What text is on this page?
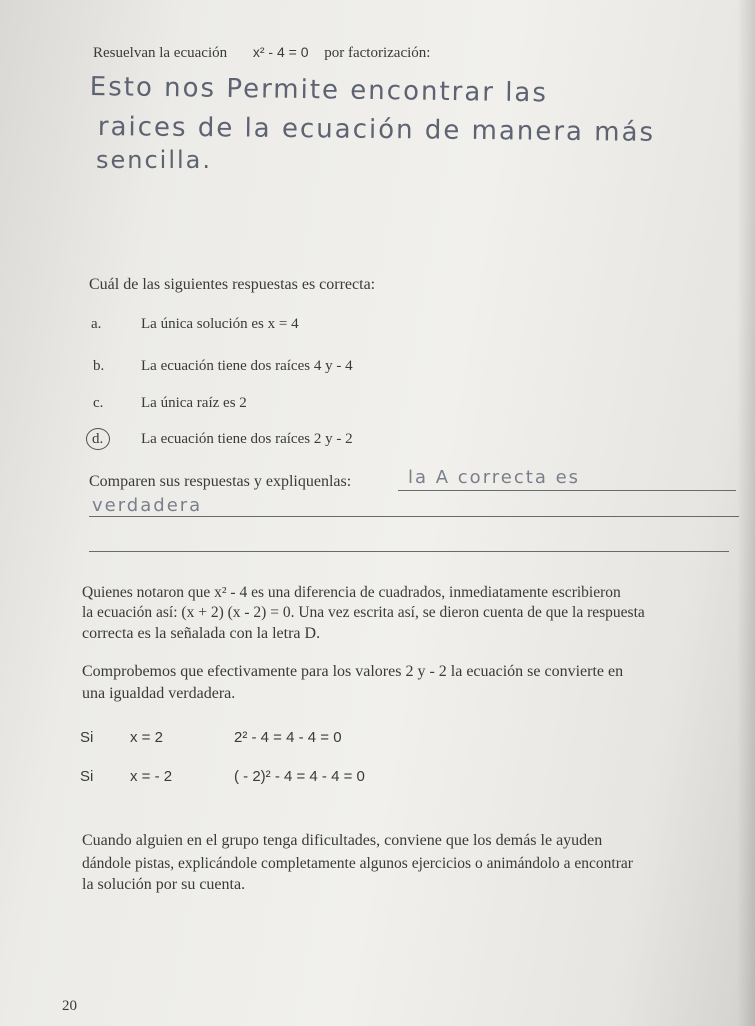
Resuelvan la ecuación x² - 4 = 0 por factorización:
Esto nos Permite encontrar las
raices de la ecuación de manera más
sencilla.
Cuál de las siguientes respuestas es correcta:
a.	La única solución es x = 4
b. La ecuación tiene dos raíces 4 y - 4
c.	La única raíz es 2
d.	La ecuación tiene dos raíces 2 y - 2
Comparen sus respuestas y expliquenlas:	la A correcta es
verdadera
Quienes notaron que x² - 4 es una diferencia de cuadrados, inmediatamente escribieron
la ecuación así: (x + 2) (x - 2) = 0. Una vez escrita así, se dieron cuenta de que la respuesta
correcta es la señalada con la letra D.
Comprobemos que efectivamente para los valores 2 y - 2 la ecuación se convierte en
una igualdad verdadera.
Si x = 2	2² - 4 = 4 - 4 = 0
Si x = - 2	( - 2)² - 4 = 4 - 4 = 0
Cuando alguien en el grupo tenga dificultades, conviene que los demás le ayuden
dándole pistas, explicándole completamente algunos ejercicios o animándolo a encontrar
la solución por su cuenta.
20
